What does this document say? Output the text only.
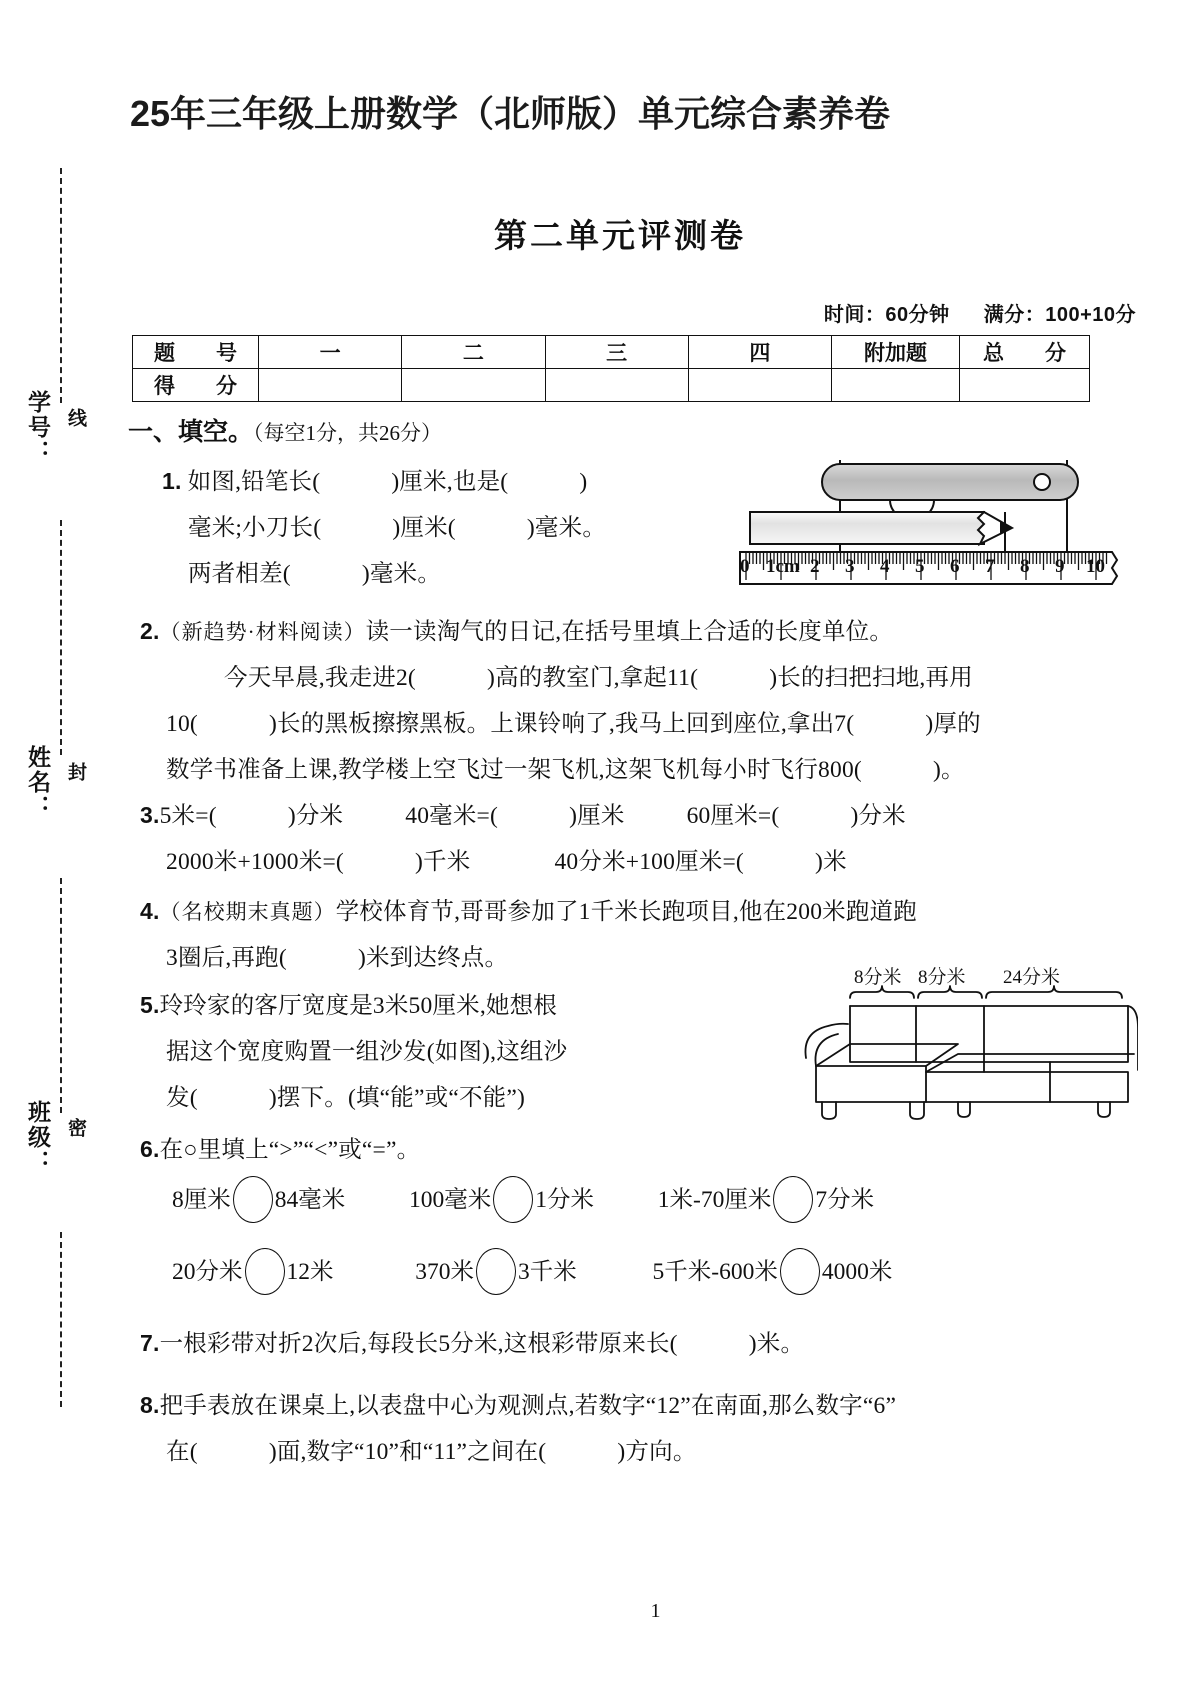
学号：
姓名：
班级：
线
封
密
25年三年级上册数学（北师版）单元综合素养卷
第二单元评测卷
时间：60分钟 满分：100+10分
题　号	一	二	三	四	附加题	总　分
得　分						
一、填空。（每空1分，共26分）
1. 如图,铅笔长(　　　)厘米,也是(　　　)
毫米;小刀长(　　　)厘米(　　　)毫米。
两者相差(　　　)毫米。	0 1cm 2 3 4 5 6 7 8 9 10
2.（新趋势·材料阅读）读一读淘气的日记,在括号里填上合适的长度单位。
今天早晨,我走进2(　　　)高的教室门,拿起11(　　　)长的扫把扫地,再用
10(　　　)长的黑板擦擦黑板。上课铃响了,我马上回到座位,拿出7(　　　)厚的
数学书准备上课,教学楼上空飞过一架飞机,这架飞机每小时飞行800(　　　)。
3.5米=(　　　)分米	40毫米=(　　　)厘米	60厘米=(　　　)分米
2000米+1000米=(　　　)千米	40分米+100厘米=(　　　)米
4.（名校期末真题）学校体育节,哥哥参加了1千米长跑项目,他在200米跑道跑
3圈后,再跑(　　　)米到达终点。
5.玲玲家的客厅宽度是3米50厘米,她想根
据这个宽度购置一组沙发(如图),这组沙
发(　　　)摆下。(填“能”或“不能”)
8分米 8分米 24分米
6.在○里填上“>”“<”或“=”。
8厘米 84毫米	100毫米 1分米	1米-70厘米 7分米
20分米 12米	370米 3千米	5千米-600米 4000米
7.一根彩带对折2次后,每段长5分米,这根彩带原来长(　　　)米。
8.把手表放在课桌上,以表盘中心为观测点,若数字“12”在南面,那么数字“6”
在(　　　)面,数字“10”和“11”之间在(　　　)方向。
1
